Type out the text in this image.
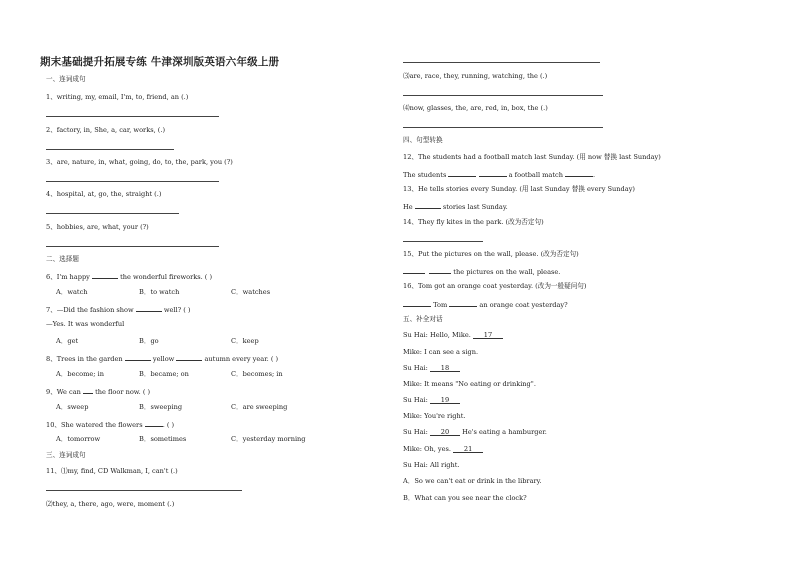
期末基础提升拓展专练 牛津深圳版英语六年级上册
一、连词成句
1、writing, my, email, I'm, to, friend, an (.)
2、factory, in, She, a, car, works, (.)
3、are, nature, in, what, going, do, to, the, park, you (?)
4、hospital, at, go, the, straight (.)
5、hobbies, are, what, your (?)
二、选择题
6、I'm happy	the wonderful fireworks. ( )
A．watch	B．to watch	C．watches
7、—Did the fashion show	well? ( )
—Yes. It was wonderful
A．get	B．go	C．keep
8、Trees in the garden	yellow	autumn every year. ( )
A．become; in	B．became; on	C．becomes; in
9、We can  the floor now. ( )
A．sweep	B．sweeping	C．are sweeping
10、She watered the flowers	. ( )
A．tomorrow	B．sometimes	C．yesterday morning
三、连词成句
11、⑴my, find, CD Walkman, I, can't (.)
⑵they, a, there, ago, were, moment (.)
⑶are, race, they, running, watching, the (.)
⑷now, glasses, the, are, red, in, box, the (.)
四、句型转换
12、The students had a football match last Sunday. (用 now 替换 last Sunday)
The students	a football match	.
13、He tells stories every Sunday. (用 last Sunday 替换 every Sunday)
He	stories last Sunday.
14、They fly kites in the park. (改为否定句)
15、Put the pictures on the wall, please. (改为否定句)
the pictures on the wall, please.
16、Tom got an orange coat yesterday. (改为一般疑问句)
Tom	an orange coat yesterday?
五、补全对话
Su Hai: Hello, Mike. 17
Mike: I can see a sign.
Su Hai: 18
Mike: It means "No eating or drinking".
Su Hai: 19
Mike: You're right.
Su Hai: 20 He's eating a hamburger.
Mike: Oh, yes. 21
Su Hai: All right.
A．So we can't eat or drink in the library.
B．What can you see near the clock?
